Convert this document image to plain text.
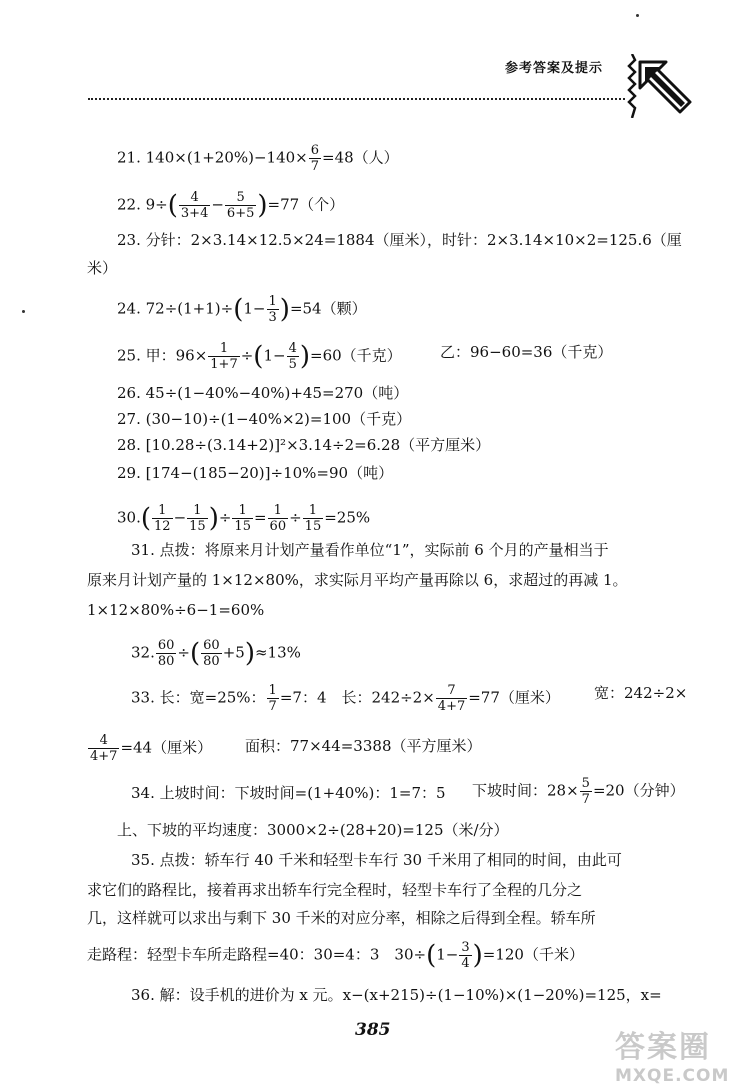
参考答案及提示
21. $140\times(1+20\%)-140\times \frac{6}{7} =48$（人）
22. $9\div( \frac{4}{3+4} - \frac{5}{6+5} )=77$（个）
23. 分针：2×3.14×12.5×24=1884（厘米），时针：2×3.14×10×2=125.6（厘
米）
24. $72\div(1+1)\div(1- \frac{1}{3} )=54$（颗）
25. 甲：$96\times \frac{1}{1+7} \div(1- \frac{4}{5} )=60$（千克）	乙：96−60=36（千克）
26. 45÷(1−40%−40%)+45=270（吨）
27. (30−10)÷(1−40%×2)=100（千克）
28. [10.28÷(3.14+2)]²×3.14÷2=6.28（平方厘米）
29. [174−(185−20)]÷10%=90（吨）
$30.( \frac{1}{12} - \frac{1}{15}$ )÷ $\frac{1}{15} = \frac{1}{60} \div \frac{1}{15} =25\%$
31. 点拨：将原来月计划产量看作单位“1”，实际前 6 个月的产量相当于
原来月计划产量的 1×12×80%，求实际月平均产量再除以 6，求超过的再减 1。
1×12×80%÷6−1=60%
32. $\frac{60}{80}$ ÷( $\frac{60}{80} +5)\approx 13\%$
33. 长：宽=25%： $\frac{1}{7} =7$：4　长：$242\div 2\times \frac{7}{4+7} =77$（厘米） 宽：242÷2×
$\frac{4}{4+7} =44$（厘米） 面积：77×44=3388（平方厘米）
34. 上坡时间：下坡时间=(1+40%)：1=7：5 下坡时间：$28\times \frac{5}{7} =20$（分钟）
上、下坡的平均速度：3000×2÷(28+20)=125（米/分）
35. 点拨：轿车行 40 千米和轻型卡车行 30 千米用了相同的时间，由此可
求它们的路程比，接着再求出轿车行完全程时，轻型卡车行了全程的几分之
几，这样就可以求出与剩下 30 千米的对应分率，相除之后得到全程。轿车所
走路程：轻型卡车所走路程=40：30=4：3　$30\div(1- \frac{3}{4} )=120$（千米）
36. 解：设手机的进价为 x 元。x−(x+215)÷(1−10%)×(1−20%)=125，x=
385	答案圈
MXQE.COM
